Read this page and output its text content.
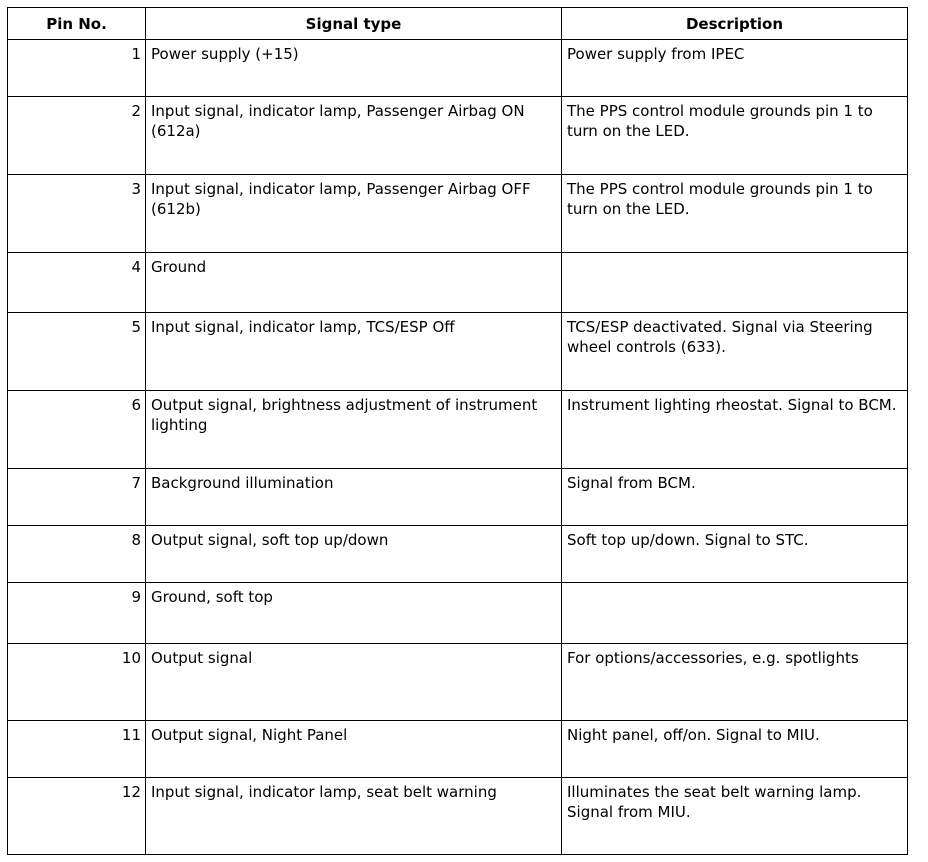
Pin No.	Signal type	Description
1	Power supply (+15)	Power supply from IPEC
2	Input signal, indicator lamp, Passenger Airbag ON (612a)	The PPS control module grounds pin 1 to turn on the LED.
3	Input signal, indicator lamp, Passenger Airbag OFF (612b)	The PPS control module grounds pin 1 to turn on the LED.
4	Ground	
5	Input signal, indicator lamp, TCS/ESP Off	TCS/ESP deactivated. Signal via Steering wheel controls (633).
6	Output signal, brightness adjustment of instrument lighting	Instrument lighting rheostat. Signal to BCM.
7	Background illumination	Signal from BCM.
8	Output signal, soft top up/down	Soft top up/down. Signal to STC.
9	Ground, soft top	
10	Output signal	For options/accessories, e.g. spotlights
11	Output signal, Night Panel	Night panel, off/on. Signal to MIU.
12	Input signal, indicator lamp, seat belt warning	Illuminates the seat belt warning lamp. Signal from MIU.
